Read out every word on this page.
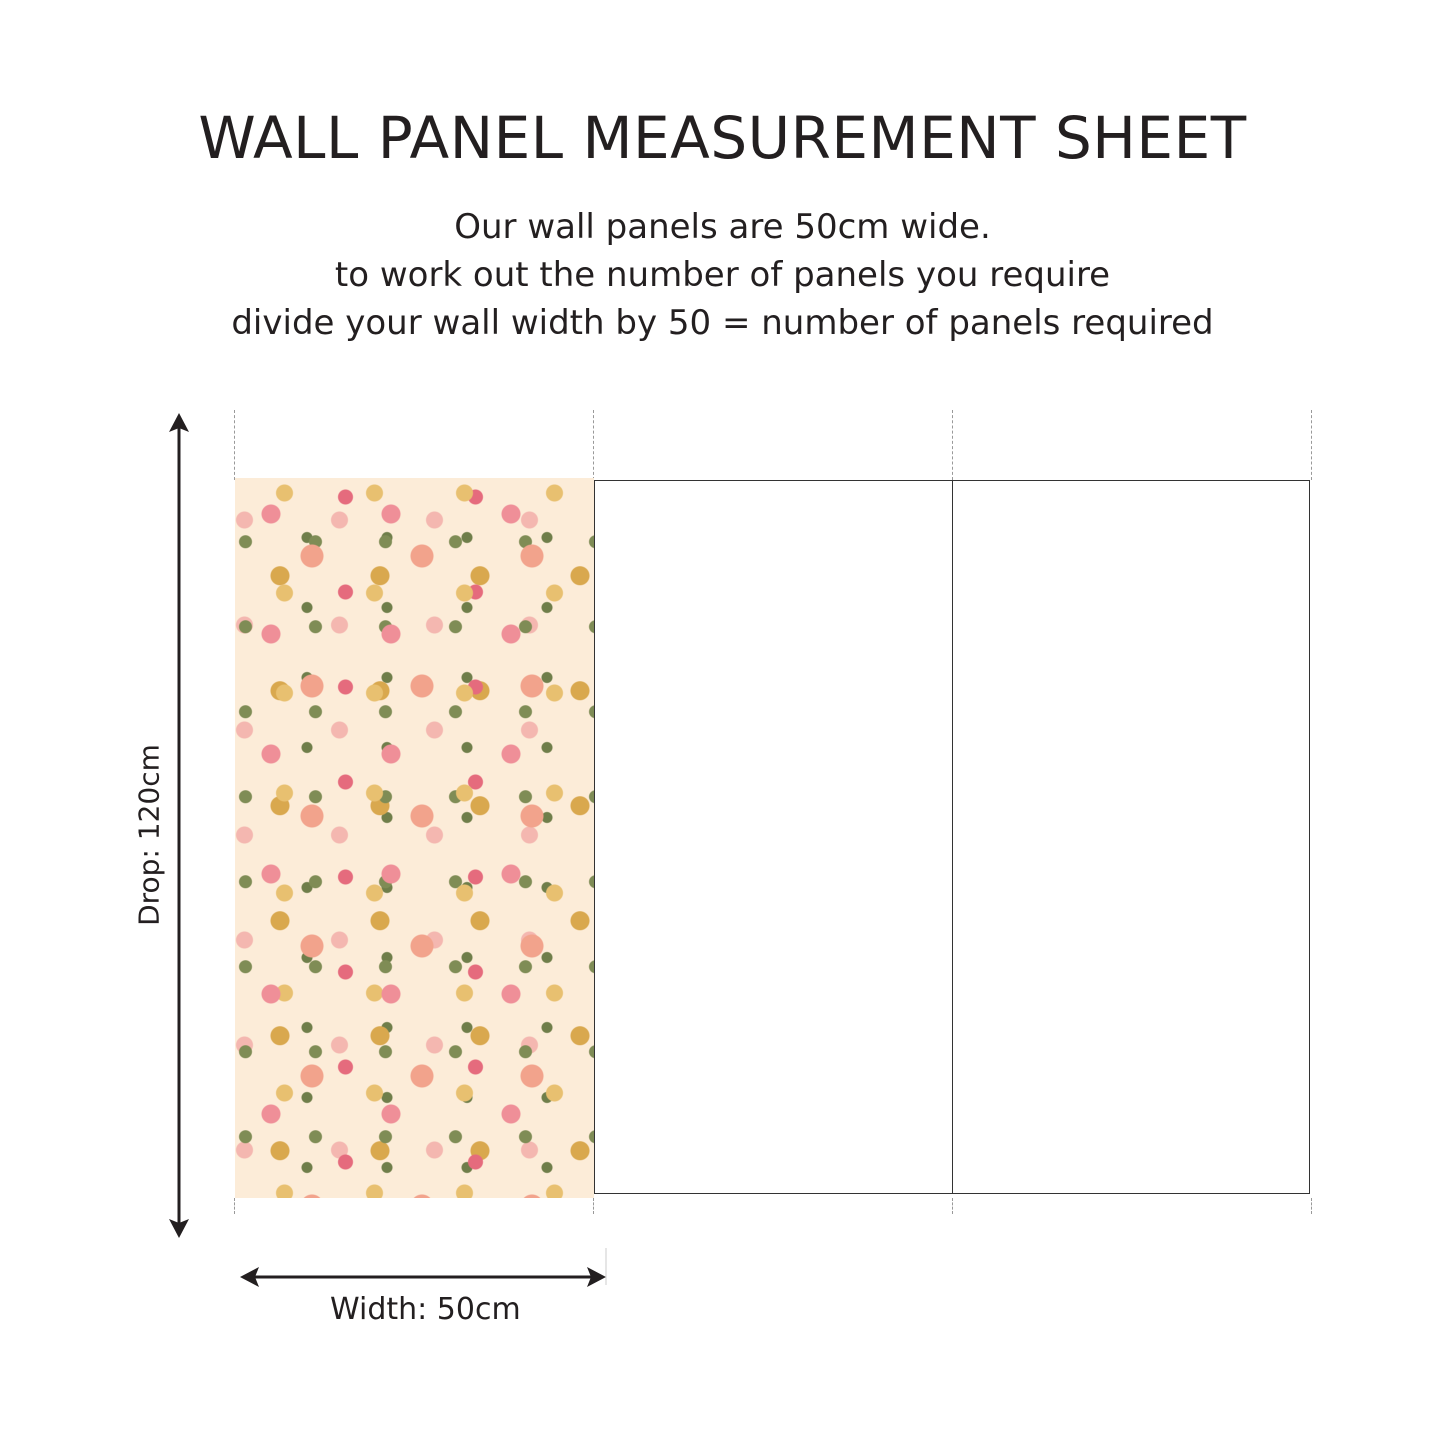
WALL PANEL MEASUREMENT SHEET
Our wall panels are 50cm wide.
to work out the number of panels you require
divide your wall width by 50 = number of panels required
Drop: 120cm
Width: 50cm
